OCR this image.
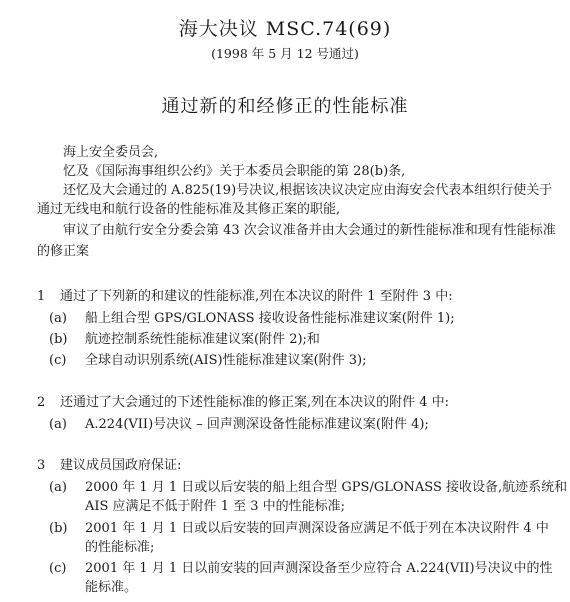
海大决议 MSC.74(69)
(1998 年 5 月 12 号通过)
通过新的和经修正的性能标准
海上安全委员会,
忆及《国际海事组织公约》关于本委员会职能的第 28(b)条,
还忆及大会通过的 A.825(19)号决议,根据该决议决定应由海安会代表本组织行使关于
通过无线电和航行设备的性能标准及其修正案的职能,
审议了由航行安全分委会第 43 次会议准备并由大会通过的新性能标准和现有性能标准
的修正案
1 通过了下列新的和建议的性能标准,列在本决议的附件 1 至附件 3 中:
(a) 船上组合型 GPS/GLONASS 接收设备性能标准建议案(附件 1);
(b) 航迹控制系统性能标准建议案(附件 2);和
(c) 全球自动识别系统(AIS)性能标准建议案(附件 3);
2 还通过了大会通过的下述性能标准的修正案,列在本决议的附件 4 中:
(a) A.224(VII)号决议 – 回声测深设备性能标准建议案(附件 4);
3 建议成员国政府保证:
(a) 2000 年 1 月 1 日或以后安装的船上组合型 GPS/GLONASS 接收设备,航迹系统和
AIS 应满足不低于附件 1 至 3 中的性能标准;
(b) 2001 年 1 月 1 日或以后安装的回声测深设备应满足不低于列在本决议附件 4 中
的性能标准;
(c) 2001 年 1 月 1 日以前安装的回声测深设备至少应符合 A.224(VII)号决议中的性
能标准。
